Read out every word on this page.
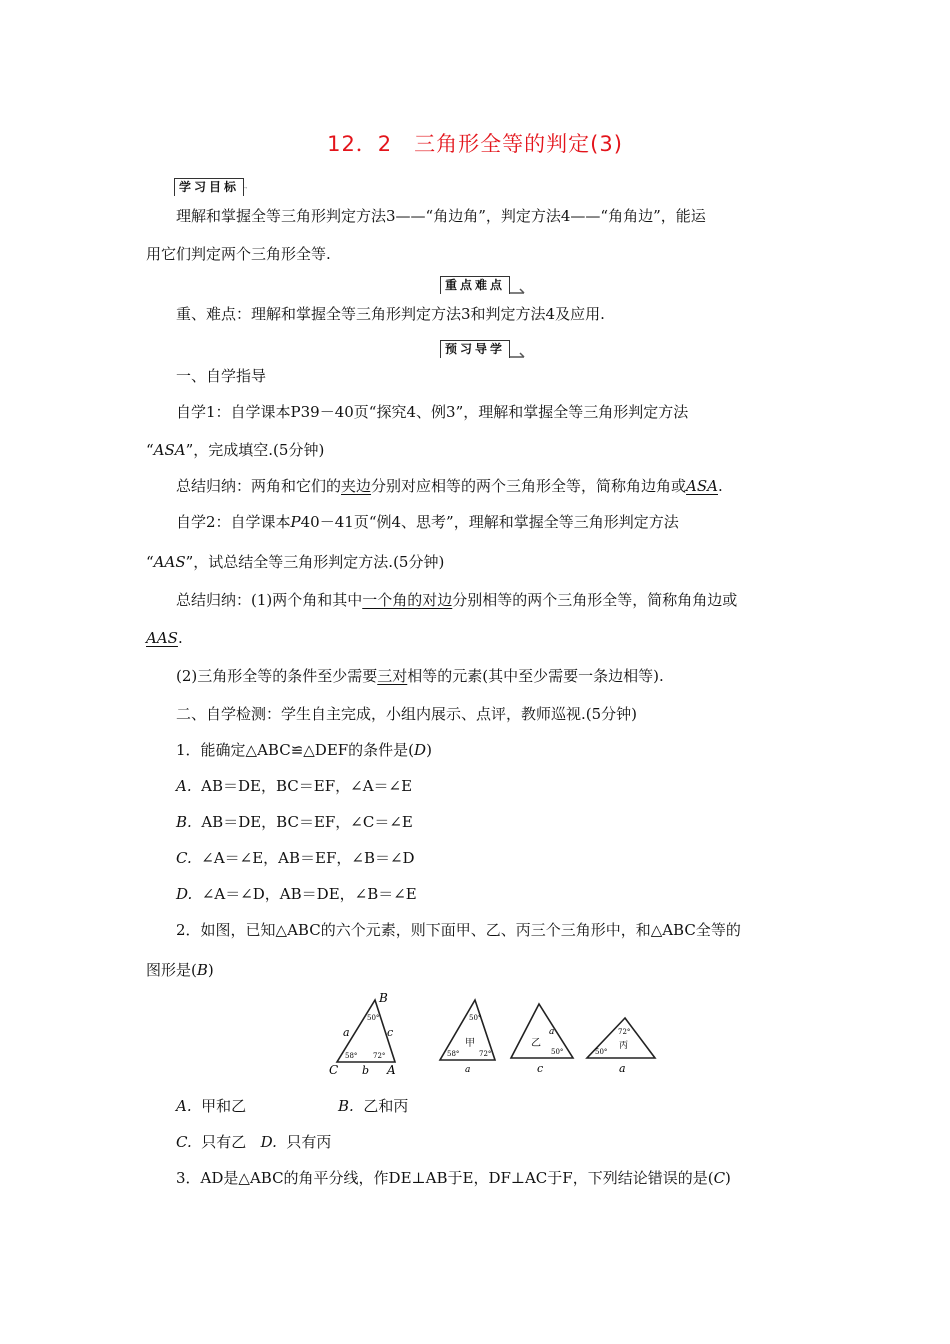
12．2　三角形全等的判定(3)
学习目标
理解和掌握全等三角形判定方法3——“角边角”，判定方法4——“角角边”，能运
用它们判定两个三角形全等.
重点难点
重、难点：理解和掌握全等三角形判定方法3和判定方法4及应用.
预习导学
一、自学指导
自学1：自学课本P39－40页“探究4、例3”，理解和掌握全等三角形判定方法
“ASA”，完成填空.(5分钟)
总结归纳：两角和它们的夹边分别对应相等的两个三角形全等，简称角边角或ASA.
自学2：自学课本P40－41页“例4、思考”，理解和掌握全等三角形判定方法
“AAS”，试总结全等三角形判定方法.(5分钟)
总结归纳：(1)两个角和其中一个角的对边分别相等的两个三角形全等，简称角角边或
AAS.
(2)三角形全等的条件至少需要三对相等的元素(其中至少需要一条边相等).
二、自学检测：学生自主完成，小组内展示、点评，教师巡视.(5分钟)
1．能确定△ABC≌△DEF的条件是(D)
A. AB＝DE，BC＝EF，∠A＝∠E
B. AB＝DE，BC＝EF，∠C＝∠E
C. ∠A＝∠E，AB＝EF，∠B＝∠D
D. ∠A＝∠D，AB＝DE，∠B＝∠E
2．如图，已知△ABC的六个元素，则下面甲、乙、丙三个三角形中，和△ABC全等的
图形是(B)
B
C	A
a	c
b
50°
58° 72°
50°
58°	72°
甲
a
a
50°
乙
c
72°
50°
丙
a
A. 甲和乙	B. 乙和丙
C. 只有乙 D. 只有丙
3．AD是△ABC的角平分线，作DE⊥AB于E，DF⊥AC于F，下列结论错误的是(C)
